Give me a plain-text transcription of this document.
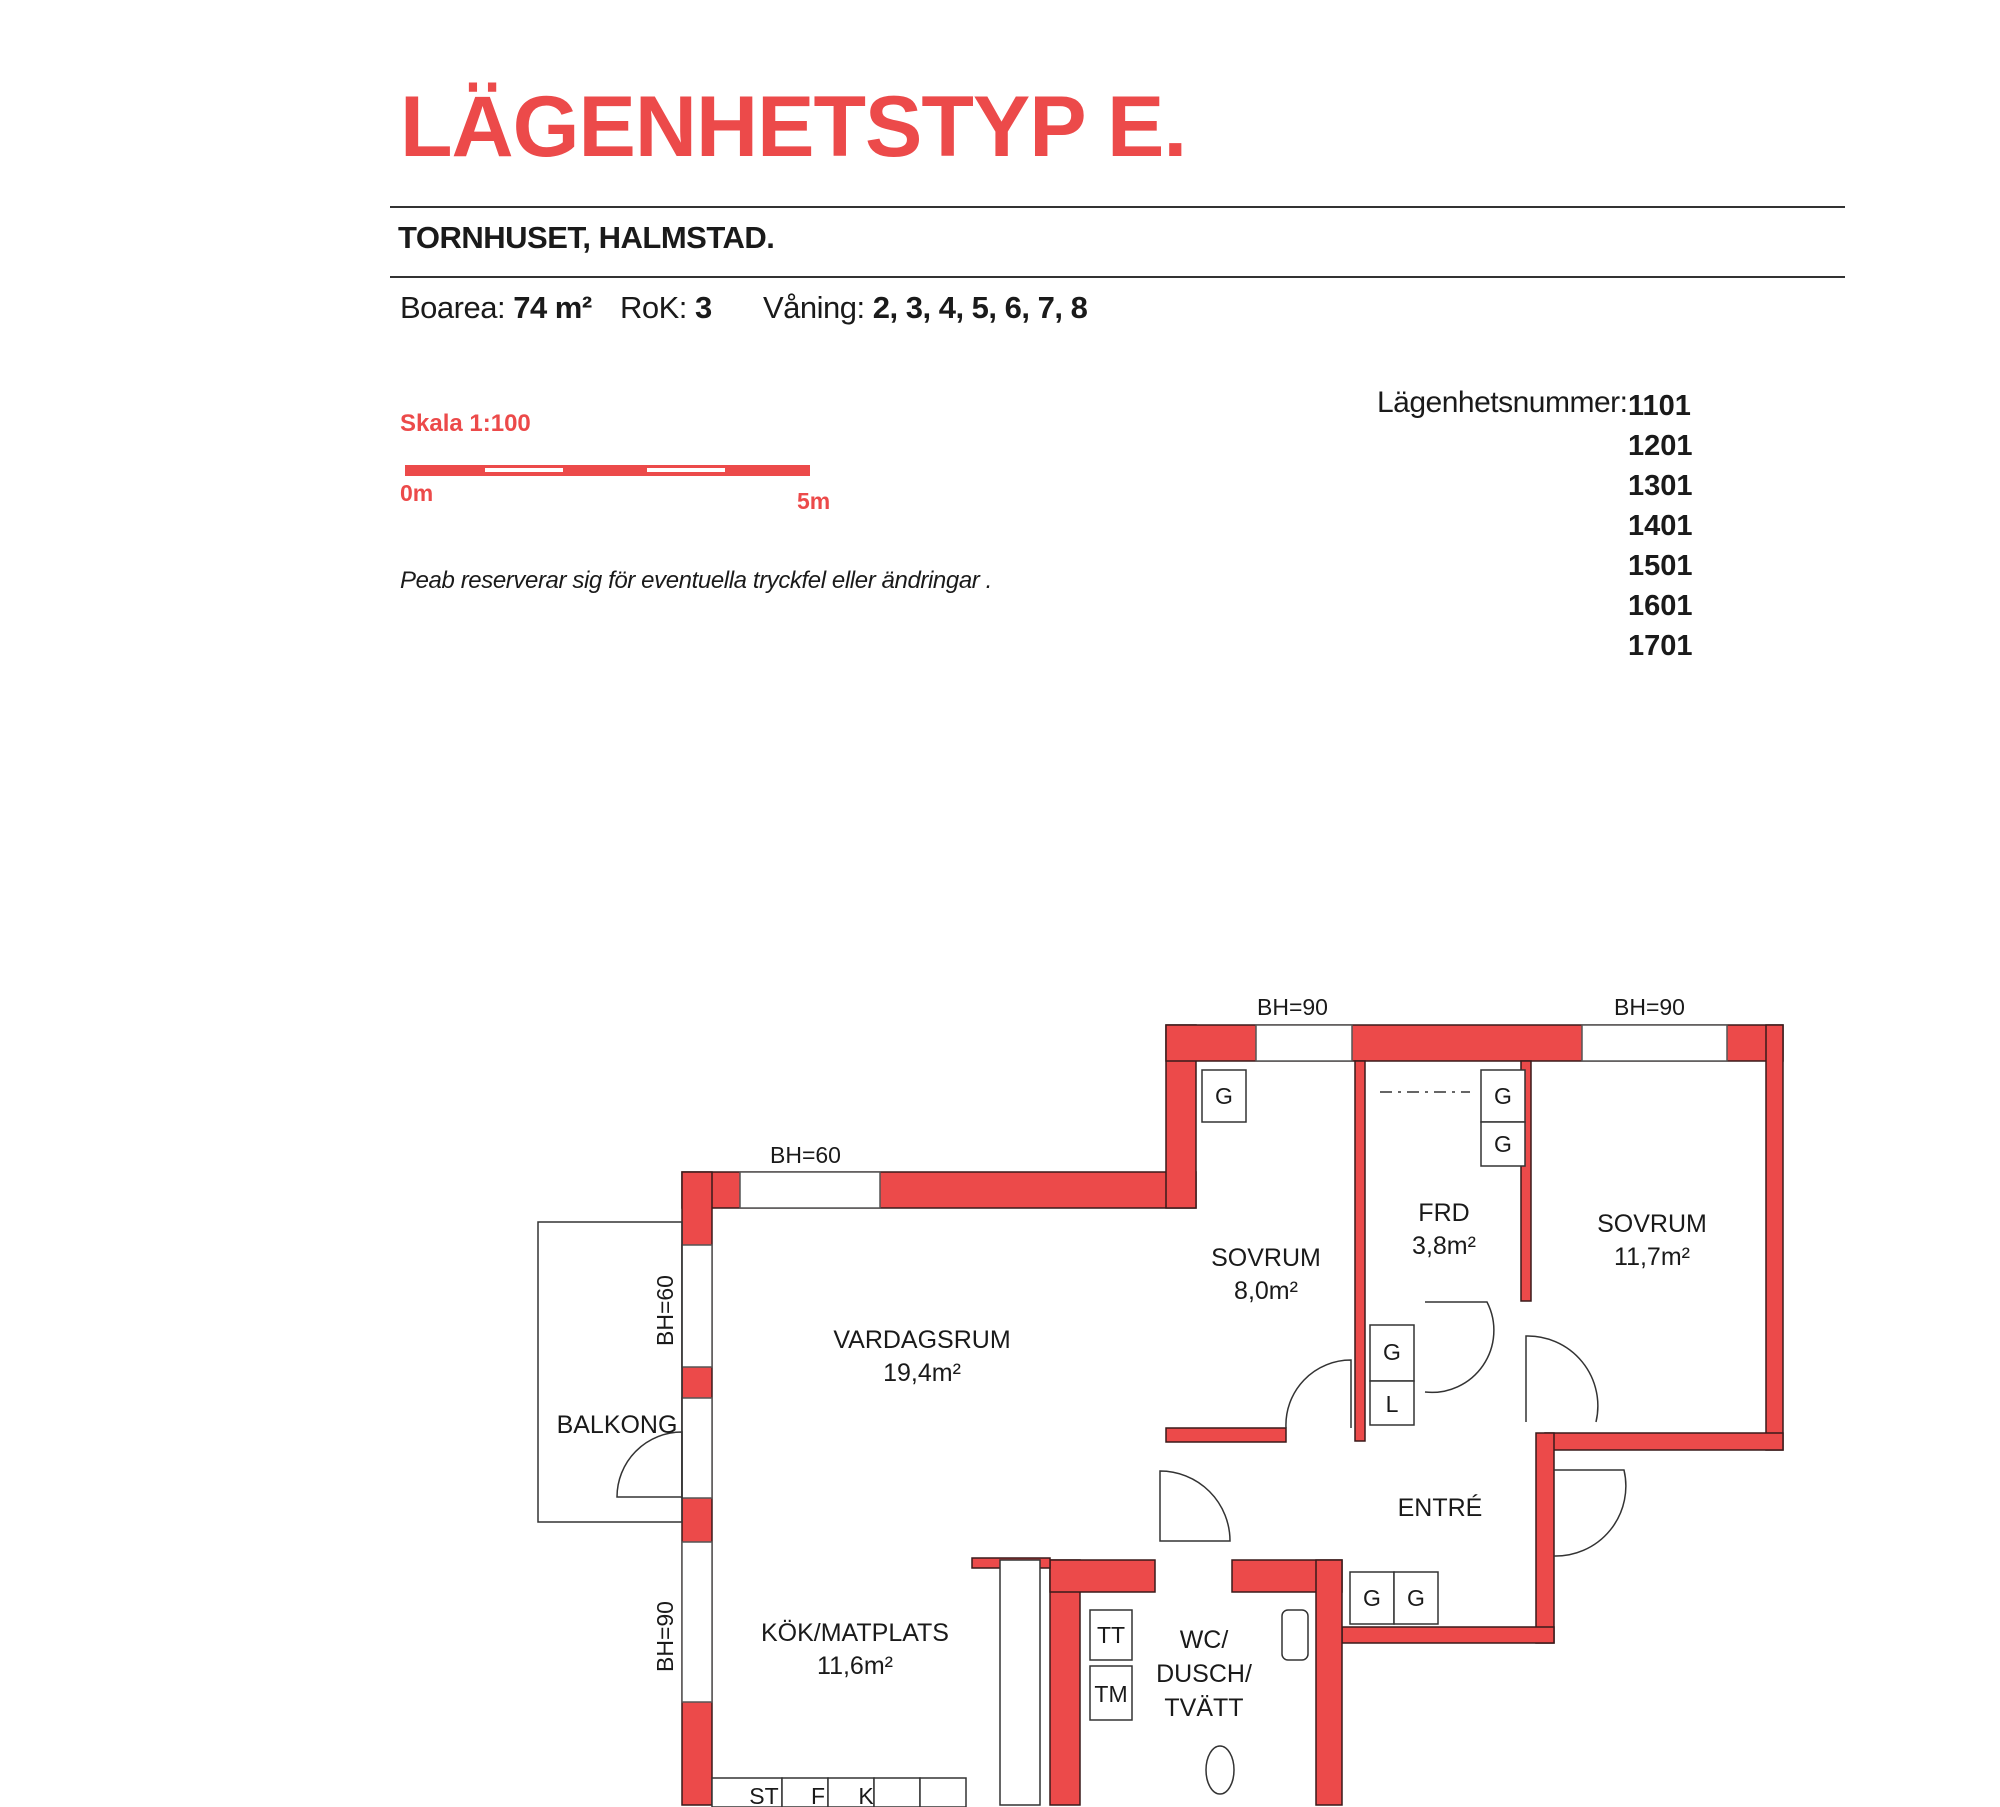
LÄGENHETSTYP E.
TORNHUSET, HALMSTAD.
Boarea: 74 m² RoK: 3 Våning: 2, 3, 4, 5, 6, 7, 8
Skala 1:100
0m	5m
Peab reserverar sig för eventuella tryckfel eller ändringar .
Lägenhetsnummer: 1101
1201
1301
1401
1501
1601
1701
BH=60
BH=90	BH=90
BH=60
BH=90
VARDAGSRUM
19,4m²
SOVRUM
8,0m²
FRD
3,8m²
SOVRUM
11,7m²
ENTRÉ
KÖK/MATPLATS
11,6m²
WC/
DUSCH/
TVÄTT
BALKONG
G	G
G
G
L
G G
TT
TM
ST F K
